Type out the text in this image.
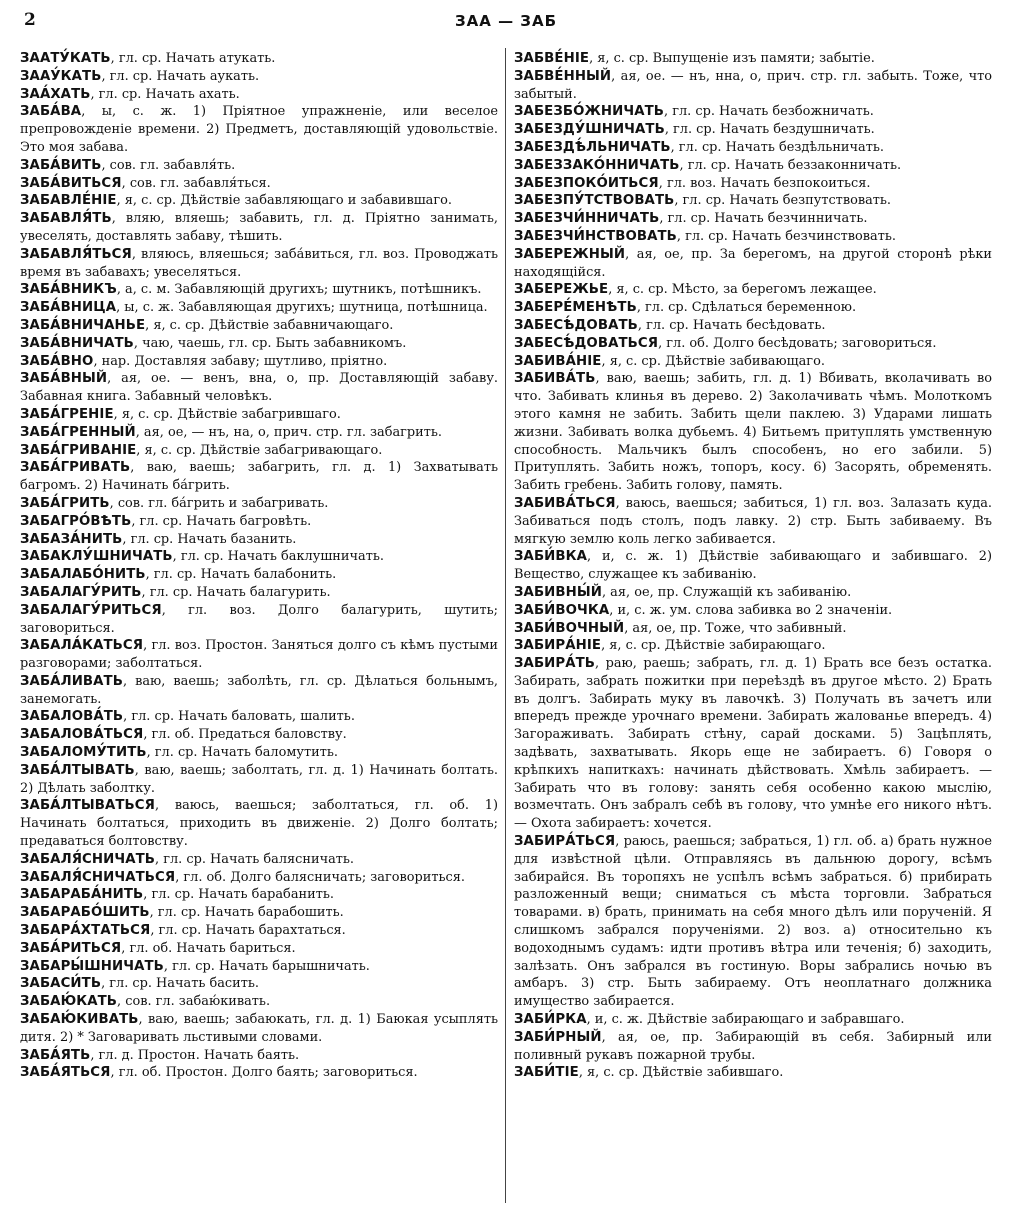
2	ЗАА — ЗАБ

ЗААТУ́КАТЬ, гл. ср. Начать атукать.

ЗААУ́КАТЬ, гл. ср. Начать аукать.

ЗАА́ХАТЬ, гл. ср. Начать ахать.

ЗАБА́ВА, ы, с. ж. 1) Пріятное упражненіе, или веселое препровожденіе времени. 2) Предметъ, доставляющій удовольствіе. Это моя забава.

ЗАБА́ВИТЬ, сов. гл. забавля́ть.

ЗАБА́ВИТЬСЯ, сов. гл. забавля́ться.

ЗАБАВЛЕ́НІЕ, я, с. ср. Дѣйствіе забавляющаго и забавившаго.

ЗАБАВЛЯ́ТЬ, вляю, вляешь; забавить, гл. д. Пріятно занимать, увеселять, доставлять забаву, тѣшить.

ЗАБАВЛЯ́ТЬСЯ, вляюсь, вляешься; заба́виться, гл. воз. Проводжать время въ забавахъ; увеселяться.

ЗАБА́ВНИКЪ, а, с. м. Забавляющій другихъ; шутникъ, потѣшникъ.

ЗАБА́ВНИЦА, ы, с. ж. Забавляющая другихъ; шутница, потѣшница.

ЗАБА́ВНИЧАНЬЕ, я, с. ср. Дѣйствіе забавничающаго.

ЗАБА́ВНИЧАТЬ, чаю, чаешь, гл. ср. Быть забавникомъ.

ЗАБА́ВНО, нар. Доставляя забаву; шутливо, пріятно.

ЗАБА́ВНЫЙ, ая, ое. — венъ, вна, о, пр. Доставляющій забаву. Забавная книга. Забавный человѣкъ.

ЗАБА́ГРЕНІЕ, я, с. ср. Дѣйствіе забагрившаго.

ЗАБА́ГРЕННЫЙ, ая, ое, — нъ, на, о, прич. стр. гл. забагрить.

ЗАБА́ГРИВАНІЕ, я, с. ср. Дѣйствіе забагривающаго.

ЗАБА́ГРИВАТЬ, ваю, ваешь; забагрить, гл. д. 1) Захватывать багромъ. 2) Начинать ба́грить.

ЗАБА́ГРИТЬ, сов. гл. ба́грить и забагривать.

ЗАБАГРО́ВѢТЬ, гл. ср. Начать багровѣть.

ЗАБАЗА́НИТЬ, гл. ср. Начать базанить.

ЗАБАКЛУ́ШНИЧАТЬ, гл. ср. Начать баклушничать.

ЗАБАЛАБО́НИТЬ, гл. ср. Начать балабонить.

ЗАБАЛАГУ́РИТЬ, гл. ср. Начать балагурить.

ЗАБАЛАГУ́РИТЬСЯ, гл. воз. Долго балагурить, шутить; заговориться.

ЗАБАЛА́КАТЬСЯ, гл. воз. Простон. Заняться долго съ кѣмъ пустыми разговорами; заболтаться.

ЗАБА́ЛИВАТЬ, ваю, ваешь; заболѣть, гл. ср. Дѣлаться больнымъ, занемогать.

ЗАБАЛОВА́ТЬ, гл. ср. Начать баловать, шалить.

ЗАБАЛОВА́ТЬСЯ, гл. об. Предаться баловству.

ЗАБАЛОМУ́ТИТЬ, гл. ср. Начать баломутить.

ЗАБА́ЛТЫВАТЬ, ваю, ваешь; заболтать, гл. д. 1) Начинать болтать. 2) Дѣлать заболтку.

ЗАБА́ЛТЫВАТЬСЯ, ваюсь, ваешься; заболтаться, гл. об. 1) Начинать болтаться, приходить въ движеніе. 2) Долго болтать; предаваться болтовству.

ЗАБАЛЯ́СНИЧАТЬ, гл. ср. Начать балясничать.

ЗАБАЛЯ́СНИЧАТЬСЯ, гл. об. Долго балясничать; заговориться.

ЗАБАРАБА́НИТЬ, гл. ср. Начать барабанить.

ЗАБАРАБО́ШИТЬ, гл. ср. Начать барабошить.

ЗАБАРА́ХТАТЬСЯ, гл. ср. Начать барахтаться.

ЗАБА́РИТЬСЯ, гл. об. Начать бариться.

ЗАБАРЫ́ШНИЧАТЬ, гл. ср. Начать барышничать.

ЗАБАСИ́ТЬ, гл. ср. Начать басить.

ЗАБАЮ́КАТЬ, сов. гл. забаю́кивать.

ЗАБАЮ́КИВАТЬ, ваю, ваешь; забаюкать, гл. д. 1) Баюкая усыплять дитя. 2) * Заговаривать льстивыми словами.

ЗАБА́ЯТЬ, гл. д. Простон. Начать баять.

ЗАБА́ЯТЬСЯ, гл. об. Простон. Долго баять; заговориться.

ЗАБВЕ́НІЕ, я, с. ср. Выпущеніе изъ памяти; забытіе.

ЗАБВЕ́ННЫЙ, ая, ое. — нъ, нна, о, прич. стр. гл. забыть. Тоже, что забытый.

ЗАБЕЗБО́ЖНИЧАТЬ, гл. ср. Начать безбожничать.

ЗАБЕЗДУ́ШНИЧАТЬ, гл. ср. Начать бездушничать.

ЗАБЕЗДѢ́ЛЬНИЧАТЬ, гл. ср. Начать бездѣльничать.

ЗАБЕЗЗАКО́ННИЧАТЬ, гл. ср. Начать беззаконничать.

ЗАБЕЗПОКО́ИТЬСЯ, гл. воз. Начать безпокоиться.

ЗАБЕЗПУ́ТСТВОВАТЬ, гл. ср. Начать безпутствовать.

ЗАБЕЗЧИ́ННИЧАТЬ, гл. ср. Начать безчинничать.

ЗАБЕЗЧИ́НСТВОВАТЬ, гл. ср. Начать безчинствовать.

ЗАБЕРЕЖНЫЙ, ая, ое, пр. За берегомъ, на другой сторонѣ рѣки находящійся.

ЗАБЕРЕЖЬЕ, я, с. ср. Мѣсто, за берегомъ лежащее.

ЗАБЕРЕ́МЕНѢТЬ, гл. ср. Сдѣлаться беременною.

ЗАБЕСѢ́ДОВАТЬ, гл. ср. Начать бесѣдовать.

ЗАБЕСѢ́ДОВАТЬСЯ, гл. об. Долго бесѣдовать; заговориться.

ЗАБИВА́НІЕ, я, с. ср. Дѣйствіе забивающаго.

ЗАБИВА́ТЬ, ваю, ваешь; забить, гл. д. 1) Вбивать, вколачивать во что. Забивать клинья въ дерево. 2) Заколачивать чѣмъ. Молоткомъ этого камня не забить. Забить щели паклею. 3) Ударами лишать жизни. Забивать волка дубьемъ. 4) Битьемъ притуплять умственную способность. Мальчикъ былъ способенъ, но его забили. 5) Притуплять. Забить ножъ, топоръ, косу. 6) Засорять, обременять. Забить гребень. Забить голову, память.

ЗАБИВА́ТЬСЯ, ваюсь, ваешься; забиться, 1) гл. воз. Залазать куда. Забиваться подъ столъ, подъ лавку. 2) стр. Быть забиваему. Въ мягкую землю коль легко забивается.

ЗАБИ́ВКА, и, с. ж. 1) Дѣйствіе забивающаго и забившаго. 2) Вещество, служащее къ забиванію.

ЗАБИВНЫ́Й, ая, ое, пр. Служащій къ забиванію.

ЗАБИ́ВОЧКА, и, с. ж. ум. слова забивка во 2 значеніи.

ЗАБИ́ВОЧНЫЙ, ая, ое, пр. Тоже, что забивный.

ЗАБИРА́НІЕ, я, с. ср. Дѣйствіе забирающаго.

ЗАБИРА́ТЬ, раю, раешь; забрать, гл. д. 1) Брать все безъ остатка. Забирать, забрать пожитки при переѣздѣ въ другое мѣсто. 2) Брать въ долгъ. Забирать муку въ лавочкѣ. 3) Получать въ зачетъ или впередъ прежде урочнаго времени. Забирать жалованье впередъ. 4) Загораживать. Забирать стѣну, сарай досками. 5) Зацѣплять, задѣвать, захватывать. Якорь еще не забираетъ. 6) Говоря о крѣпкихъ напиткахъ: начинать дѣйствовать. Хмѣль забираетъ. — Забирать что въ голову: занять себя особенно какою мыслію, возмечтать. Онъ забралъ себѣ въ голову, что умнѣе его никого нѣтъ. — Охота забираетъ: хочется.

ЗАБИРА́ТЬСЯ, раюсь, раешься; забраться, 1) гл. об. а) брать нужное для извѣстной цѣли. Отправляясь въ дальнюю дорогу, всѣмъ забирайся. Въ торопяхъ не успѣлъ всѣмъ забраться. б) прибирать разложенный вещи; сниматься съ мѣста торговли. Забраться товарами. в) брать, принимать на себя много дѣлъ или порученій. Я слишкомъ забрался порученіями. 2) воз. а) относительно къ водоходнымъ судамъ: идти противъ вѣтра или теченія; б) заходить, залѣзать. Онъ забрался въ гостиную. Воры забрались ночью въ амбаръ. 3) стр. Быть забираему. Отъ неоплатнаго должника имущество забирается.

ЗАБИ́РКА, и, с. ж. Дѣйствіе забирающаго и забравшаго.

ЗАБИ́РНЫЙ, ая, ое, пр. Забирающій въ себя. Забирный или поливный рукавъ пожарной трубы.

ЗАБИ́ТІЕ, я, с. ср. Дѣйствіе забившаго.
